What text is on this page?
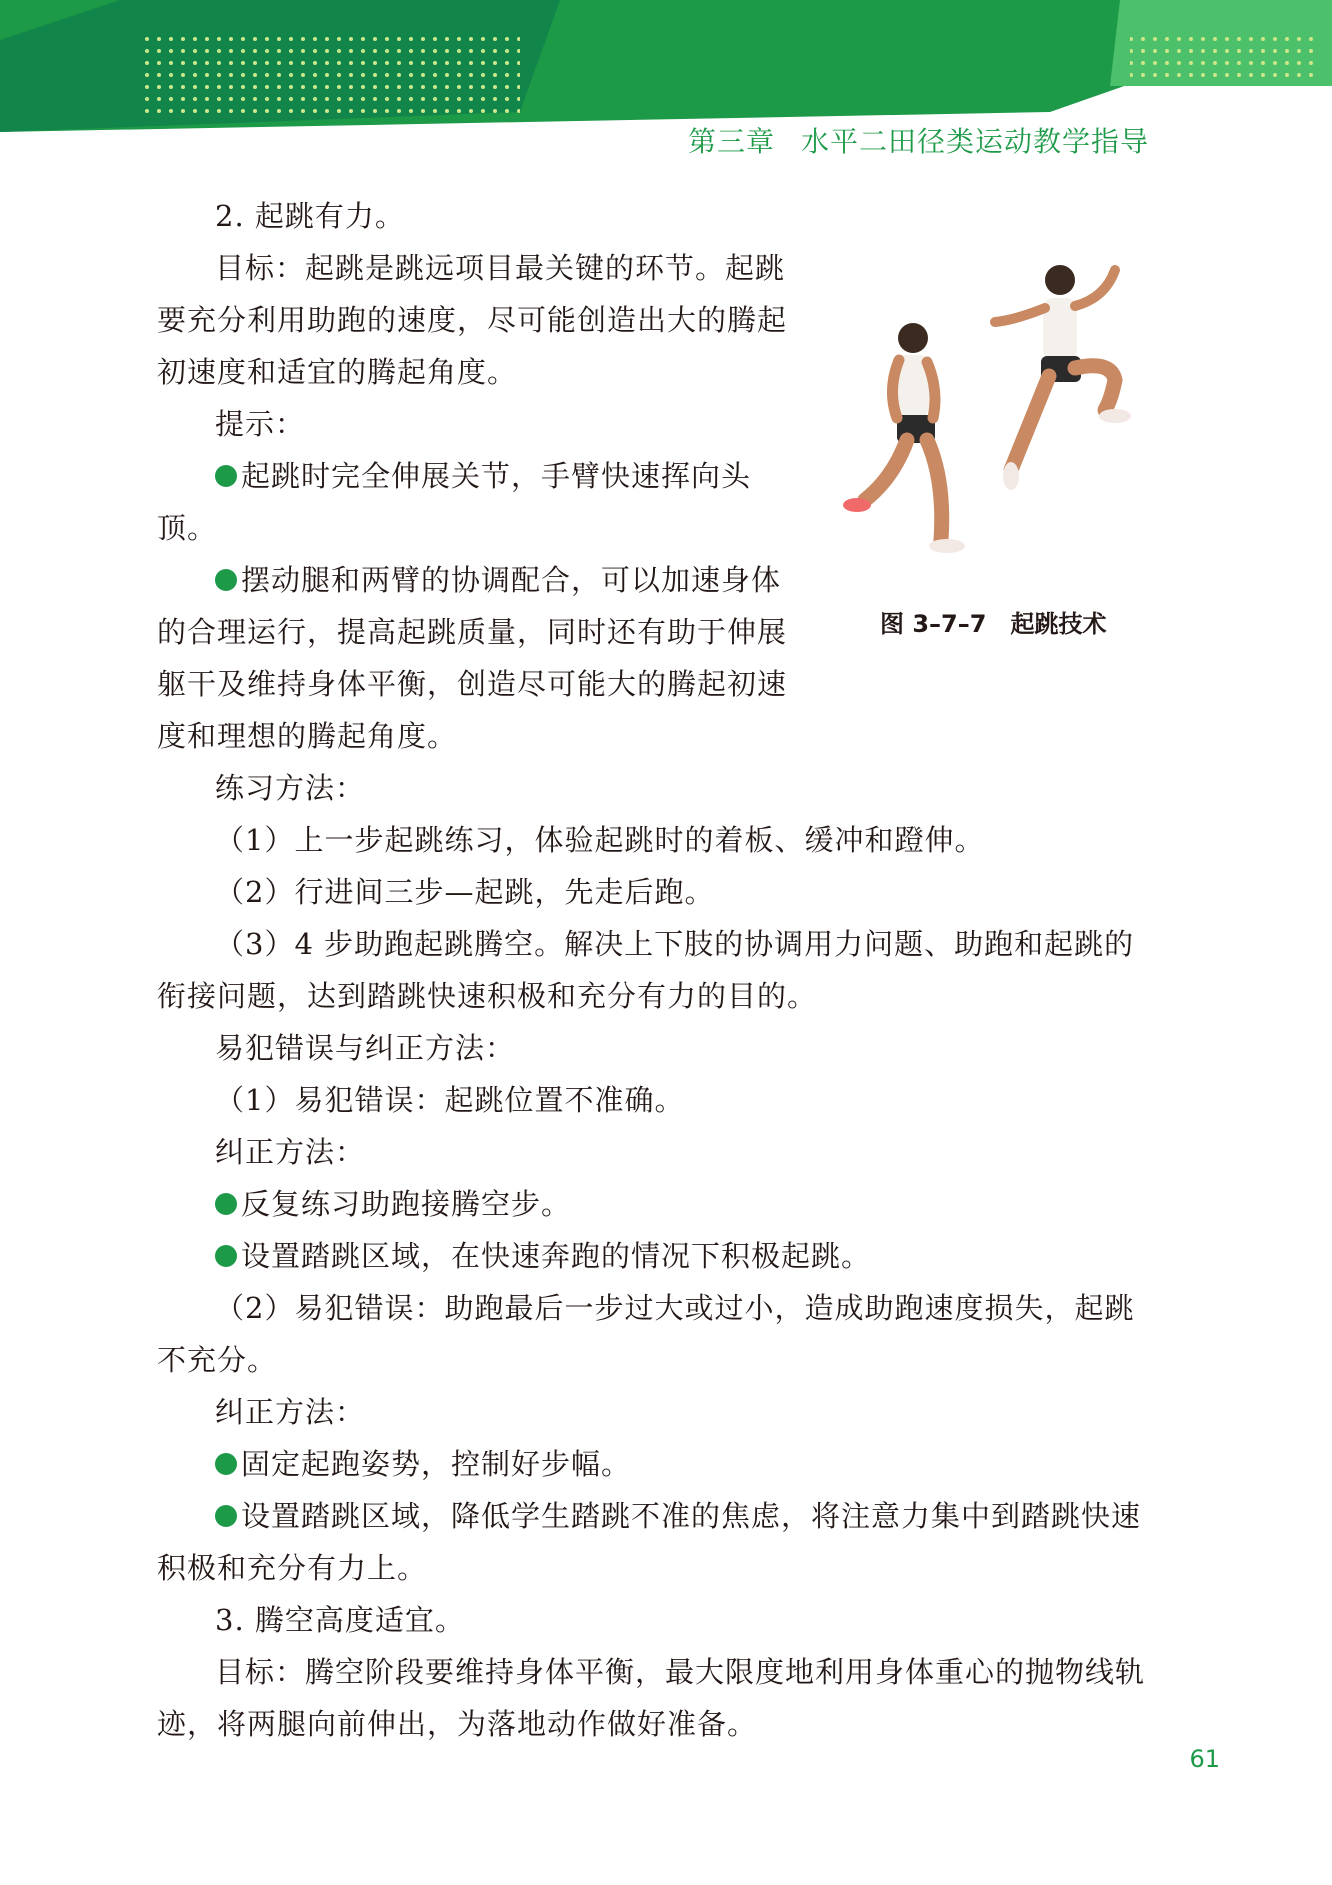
第三章 水平二田径类运动教学指导
图 3–7–7 起跳技术

2. 起跳有力。

目标：起跳是跳远项目最关键的环节。起跳要充分利用助跑的速度，尽可能创造出大的腾起初速度和适宜的腾起角度。

提示：

起跳时完全伸展关节，手臂快速挥向头顶。

摆动腿和两臂的协调配合，可以加速身体的合理运行，提高起跳质量，同时还有助于伸展躯干及维持身体平衡，创造尽可能大的腾起初速度和理想的腾起角度。

练习方法：

（1）上一步起跳练习，体验起跳时的着板、缓冲和蹬伸。

（2）行进间三步—起跳，先走后跑。

（3）4 步助跑起跳腾空。解决上下肢的协调用力问题、助跑和起跳的衔接问题，达到踏跳快速积极和充分有力的目的。

易犯错误与纠正方法：

（1）易犯错误：起跳位置不准确。

纠正方法：

反复练习助跑接腾空步。

设置踏跳区域，在快速奔跑的情况下积极起跳。

（2）易犯错误：助跑最后一步过大或过小，造成助跑速度损失，起跳不充分。

纠正方法：

固定起跑姿势，控制好步幅。

设置踏跳区域，降低学生踏跳不准的焦虑，将注意力集中到踏跳快速积极和充分有力上。

3. 腾空高度适宜。

目标：腾空阶段要维持身体平衡，最大限度地利用身体重心的抛物线轨迹，将两腿向前伸出，为落地动作做好准备。

61
